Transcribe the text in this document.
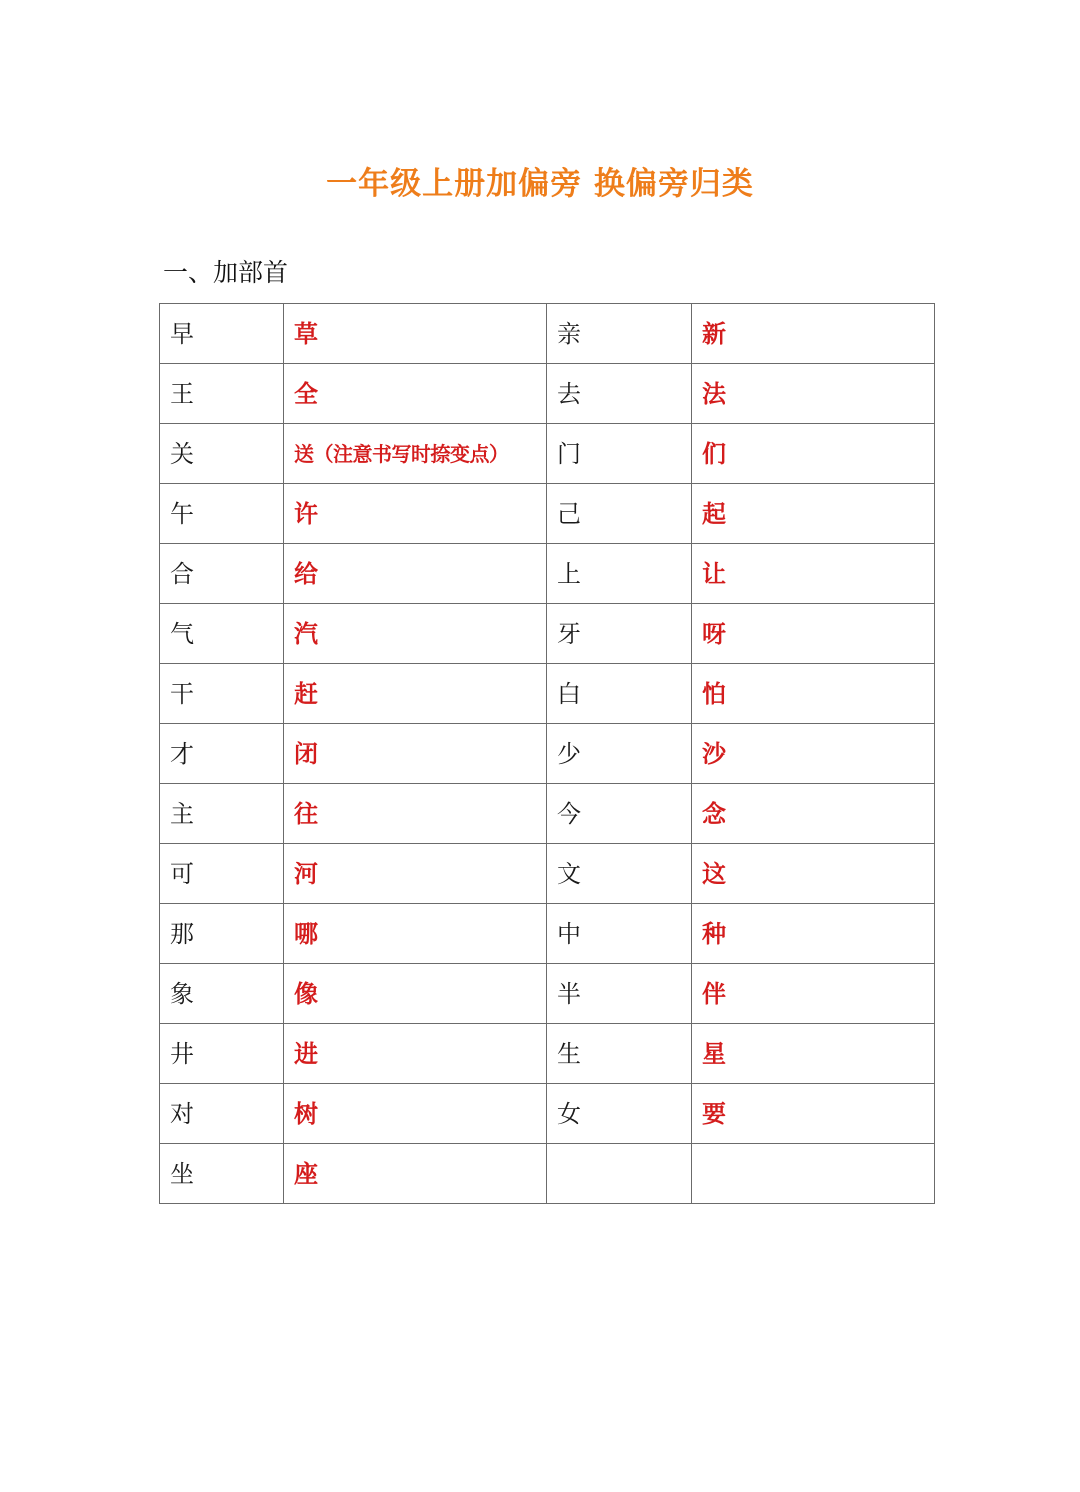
一年级上册加偏旁 换偏旁归类
一、加部首
早	草	亲	新
王	全	去	法
关	送（注意书写时捺变点）	门	们
午	许	己	起
合	给	上	让
气	汽	牙	呀
干	赶	白	怕
才	闭	少	沙
主	往	今	念
可	河	文	这
那	哪	中	种
象	像	半	伴
井	进	生	星
对	树	女	要
坐	座		
